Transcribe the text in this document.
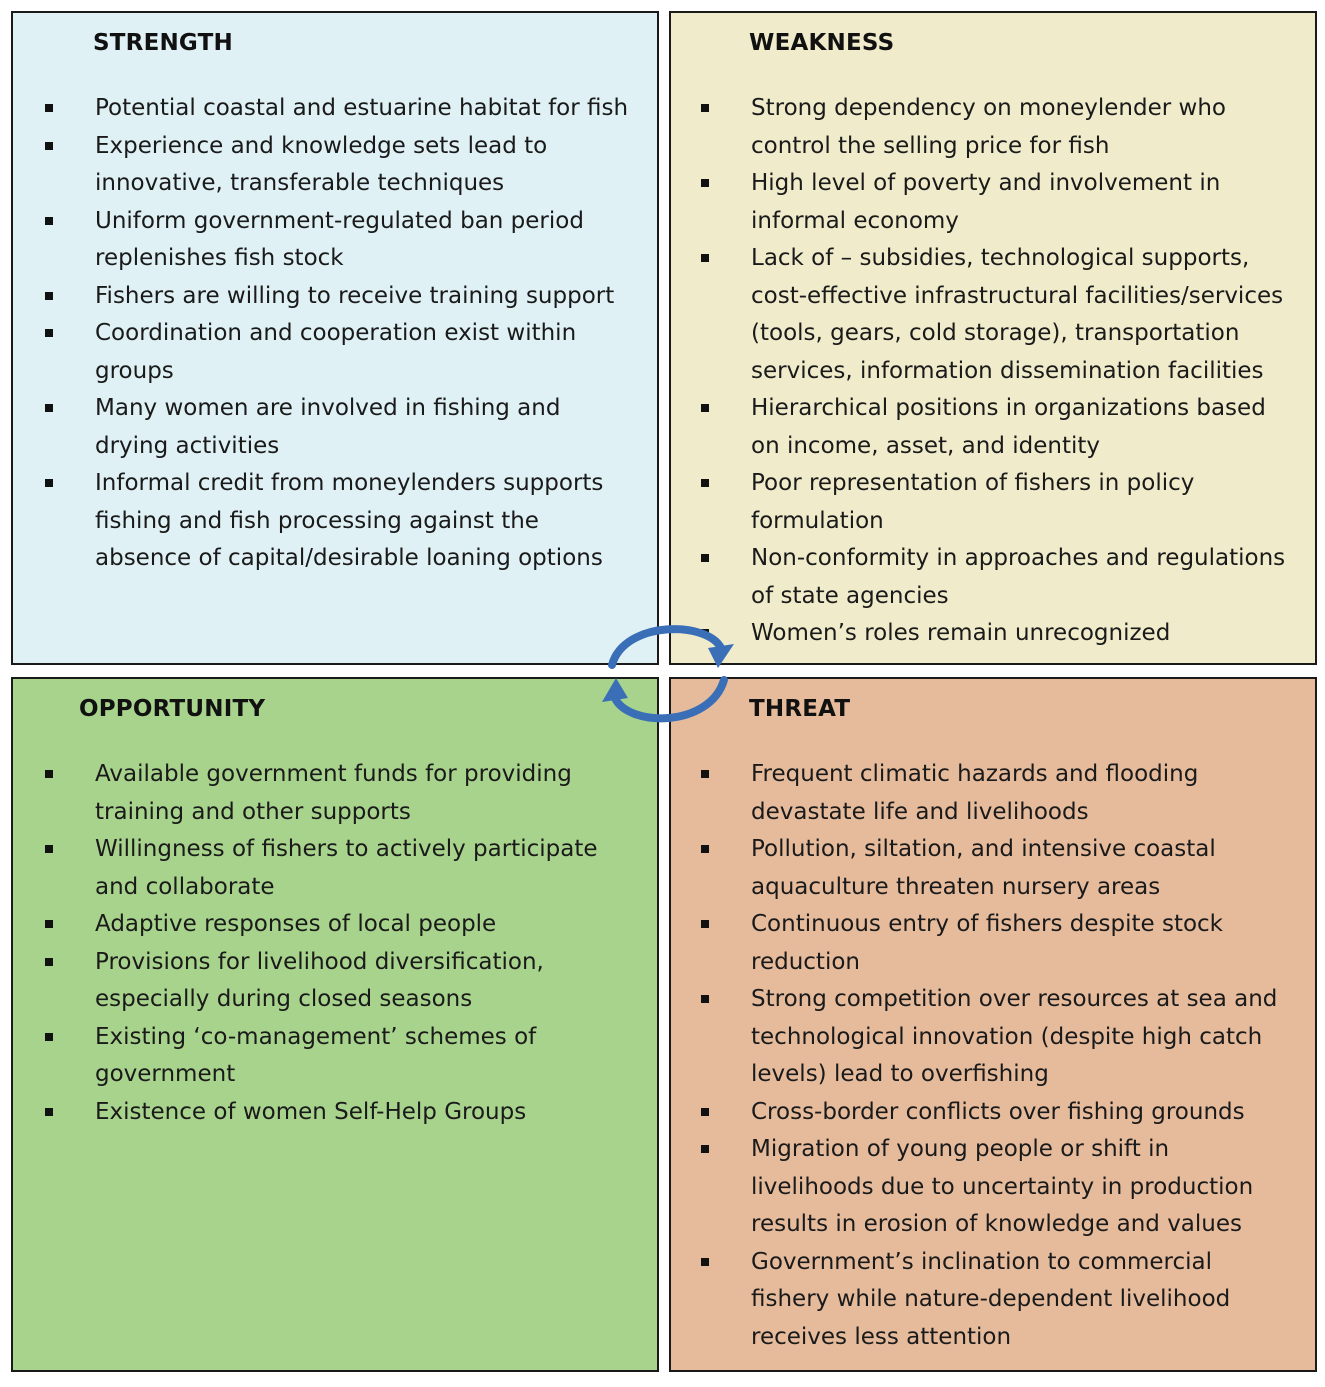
STRENGTH
Potential coastal and estuarine habitat for fish
Experience and knowledge sets lead to innovative, transferable techniques
Uniform government-regulated ban period replenishes fish stock
Fishers are willing to receive training support
Coordination and cooperation exist within groups
Many women are involved in fishing and drying activities
Informal credit from moneylenders supports fishing and fish processing against the absence of capital/desirable loaning options
WEAKNESS
Strong dependency on moneylender who control the selling price for fish
High level of poverty and involvement in informal economy
Lack of – subsidies, technological supports, cost-effective infrastructural facilities/services (tools, gears, cold storage), transportation services, information dissemination facilities
Hierarchical positions in organizations based on income, asset, and identity
Poor representation of fishers in policy formulation
Non-conformity in approaches and regulations of state agencies
Women’s roles remain unrecognized
OPPORTUNITY
Available government funds for providing training and other supports
Willingness of fishers to actively participate and collaborate
Adaptive responses of local people
Provisions for livelihood diversification, especially during closed seasons
Existing ‘co-management’ schemes of government
Existence of women Self-Help Groups
THREAT
Frequent climatic hazards and flooding devastate life and livelihoods
Pollution, siltation, and intensive coastal aquaculture threaten nursery areas
Continuous entry of fishers despite stock reduction
Strong competition over resources at sea and technological innovation (despite high catch levels) lead to overfishing
Cross-border conflicts over fishing grounds
Migration of young people or shift in livelihoods due to uncertainty in production results in erosion of knowledge and values
Government’s inclination to commercial fishery while nature-dependent livelihood receives less attention
